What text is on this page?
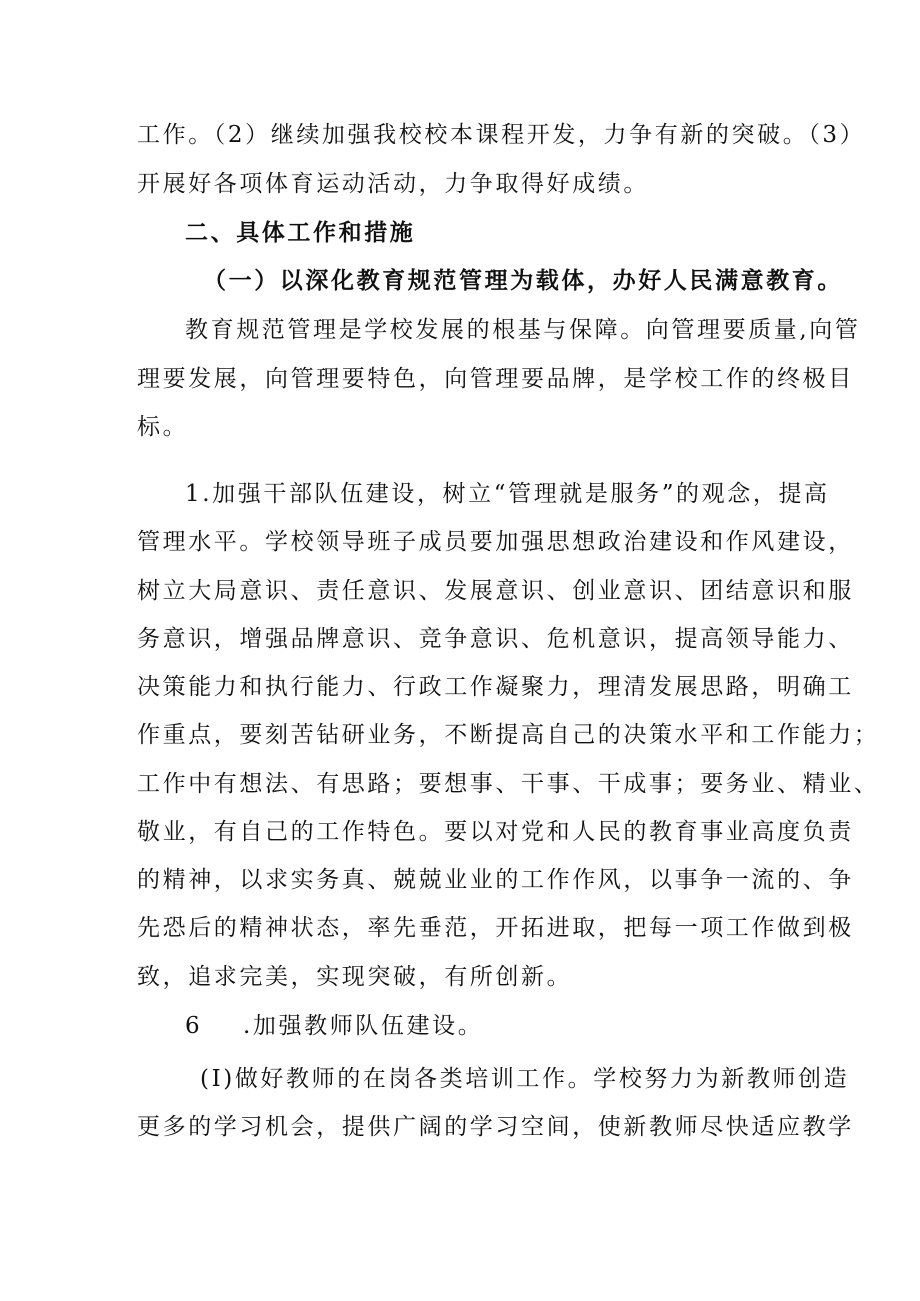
工作。（2）继续加强我校校本课程开发，力争有新的突破。（3）
开展好各项体育运动活动，力争取得好成绩。
二、具体工作和措施
（一）以深化教育规范管理为载体，办好人民满意教育。
教育规范管理是学校发展的根基与保障。向管理要质量,向管
理要发展，向管理要特色，向管理要品牌，是学校工作的终极目
标。
1.加强干部队伍建设，树立“管理就是服务”的观念，提高
管理水平。学校领导班子成员要加强思想政治建设和作风建设，
树立大局意识、责任意识、发展意识、创业意识、团结意识和服
务意识，增强品牌意识、竞争意识、危机意识，提高领导能力、
决策能力和执行能力、行政工作凝聚力，理清发展思路，明确工
作重点，要刻苦钻研业务，不断提高自己的决策水平和工作能力；
工作中有想法、有思路；要想事、干事、干成事；要务业、精业、
敬业，有自己的工作特色。要以对党和人民的教育事业高度负责
的精神，以求实务真、兢兢业业的工作作风，以事争一流的、争
先恐后的精神状态，率先垂范，开拓进取，把每一项工作做到极
致，追求完美，实现突破，有所创新。
6 .加强教师队伍建设。
(I)做好教师的在岗各类培训工作。学校努力为新教师创造
更多的学习机会，提供广阔的学习空间，使新教师尽快适应教学
